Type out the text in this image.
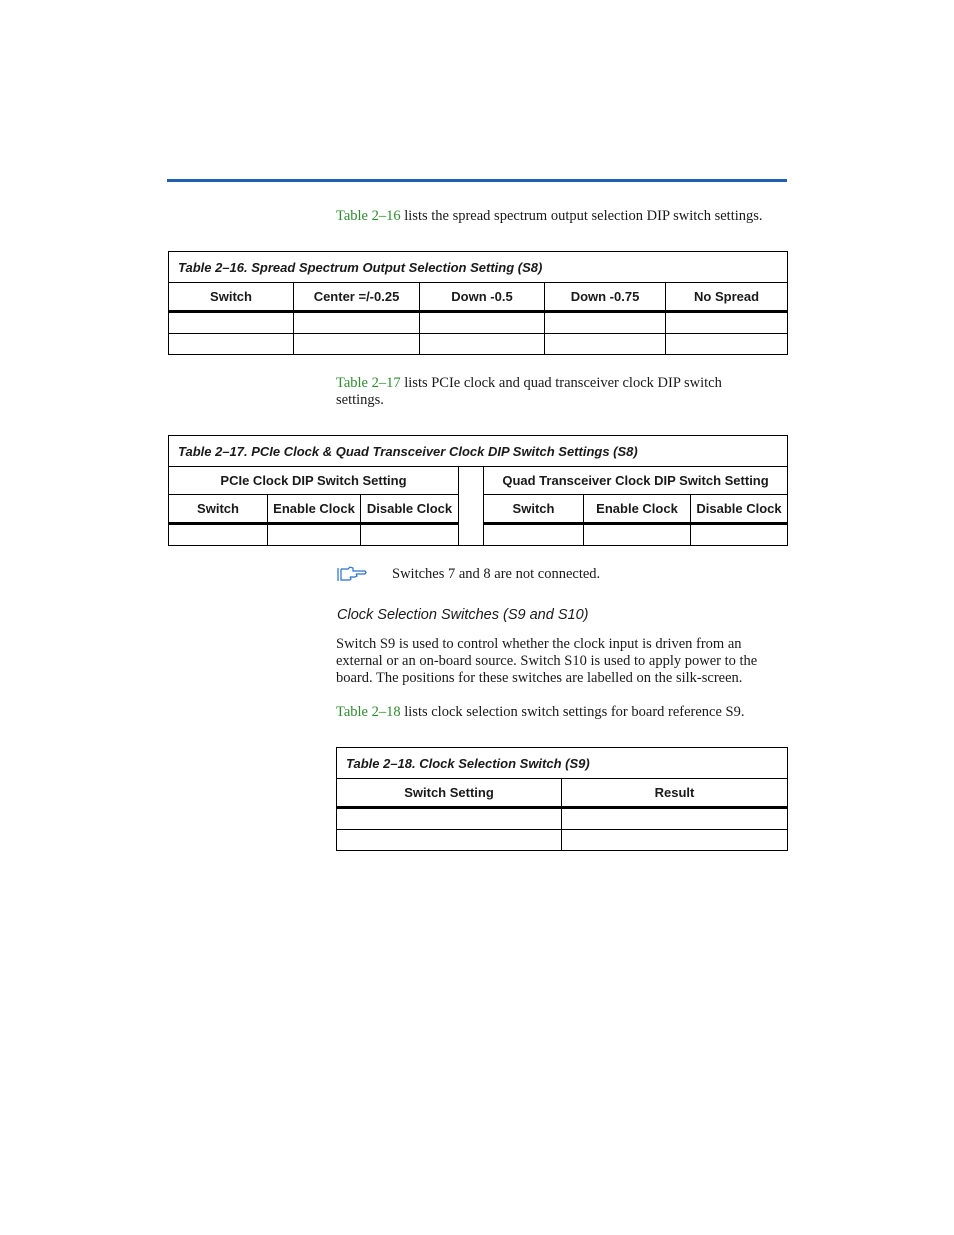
Table 2–16 lists the spread spectrum output selection DIP switch settings.

Table 2–16. Spread Spectrum Output Selection Setting (S8)				
Switch	Center =/-0.25	Down -0.5	Down -0.75	No Spread

Table 2–17 lists PCIe clock and quad transceiver clock DIP switch settings.

Table 2–17. PCIe Clock & Quad Transceiver Clock DIP Switch Settings (S8)						
PCIe Clock DIP Switch Setting				Quad Transceiver Clock DIP Switch Setting		
Switch	Enable Clock	Disable Clock		Switch	Enable Clock	Disable Clock

Switches 7 and 8 are not connected.

Clock Selection Switches (S9 and S10)

Switch S9 is used to control whether the clock input is driven from an external or an on-board source. Switch S10 is used to apply power to the board. The positions for these switches are labelled on the silk-screen.

Table 2–18 lists clock selection switch settings for board reference S9.

Table 2–18. Clock Selection Switch (S9)	
Switch Setting	Result
